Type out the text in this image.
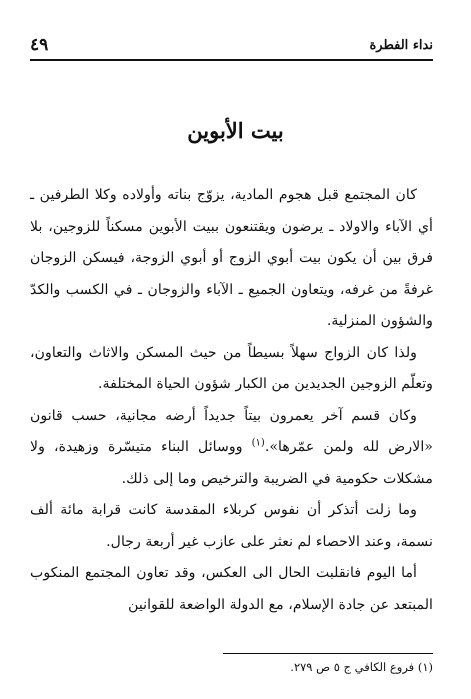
نداء الفطرة
٤٩
بيت الأبوين

كان المجتمع قبل هجوم المادية، يزوّج بناته وأولاده وكلا الطرفين ـ أي الآباء والاولاد ـ يرضون ويقتنعون ببيت الأبوين مسكناً للزوجين، بلا فرق بين أن يكون بيت أبوي الزوج أو أبوي الزوجة، فيسكن الزوجان غرفةً من غرفه، ويتعاون الجميع ـ الآباء والزوجان ـ في الكسب والكدّ والشؤون المنزلية.

ولذا كان الزواج سهلاً بسيطاً من حيث المسكن والاثاث والتعاون، وتعلّم الزوجين الجديدين من الكبار شؤون الحياة المختلفة.

وكان قسم آخر يعمرون بيتاً جديداً أرضه مجانية، حسب قانون «الارض لله ولمن عمّرها».$^{(١)}$ ووسائل البناء متيسّرة وزهيدة، ولا مشكلات حكومية في الضريبة والترخيص وما إلى ذلك.

وما زلت أتذكر أن نفوس كربلاء المقدسة كانت قرابة مائة ألف نسمة، وعند الاحصاء لم نعثر على عازب غير أربعة رجال.

أما اليوم فانقلبت الحال الى العكس، وقد تعاون المجتمع المنكوب المبتعد عن جادة الإسلام، مع الدولة الواضعة للقوانين

(١) فروع الكافي ج ٥ ص ٢٧٩.
